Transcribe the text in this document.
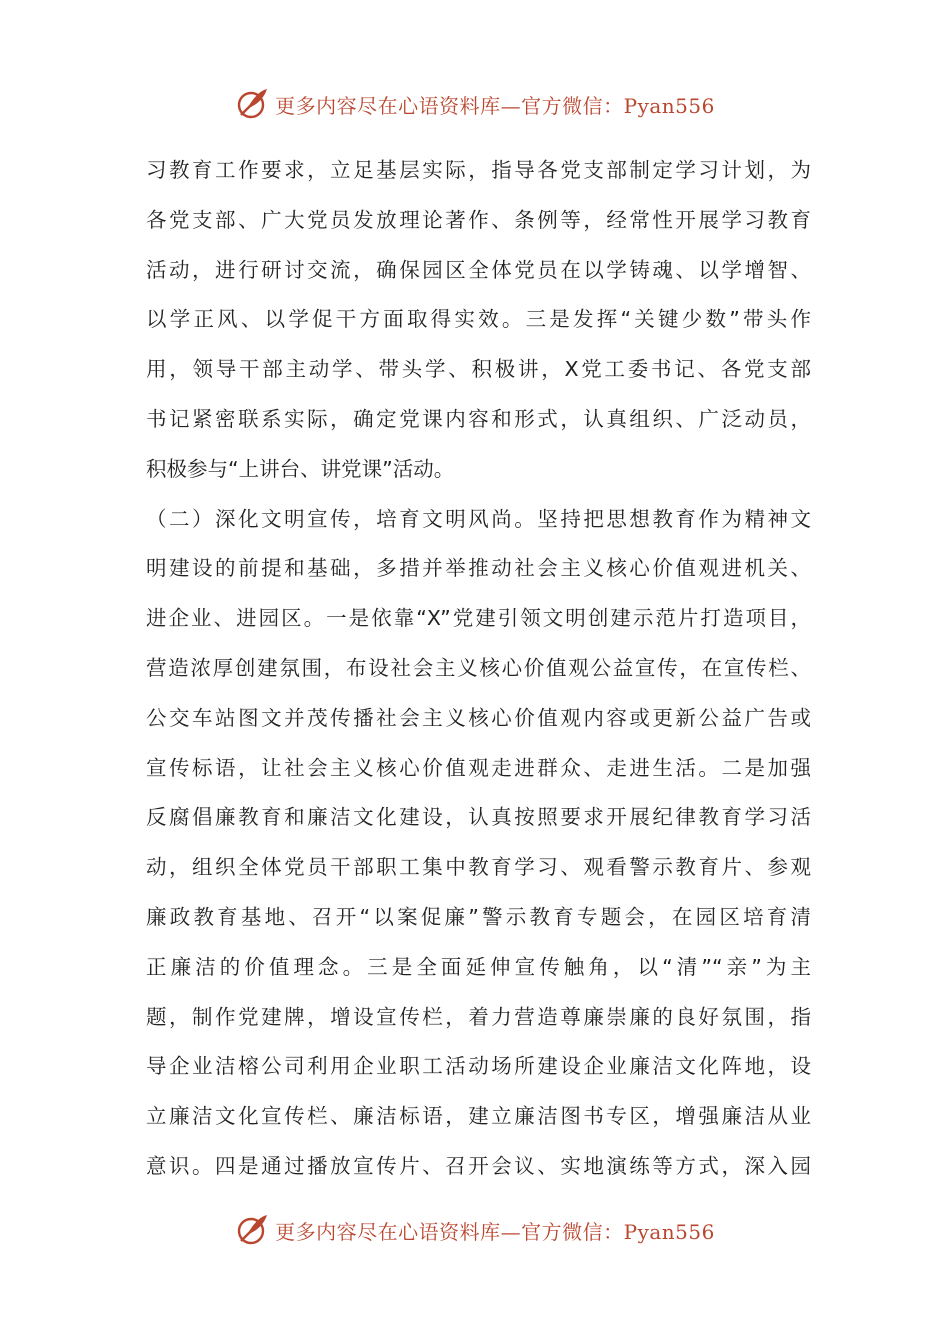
更多内容尽在心语资料库—官方微信：Pyan556
习教育工作要求，立足基层实际，指导各党支部制定学习计划，为
各党支部、广大党员发放理论著作、条例等，经常性开展学习教育
活动，进行研讨交流，确保园区全体党员在以学铸魂、以学增智、
以学正风、以学促干方面取得实效。三是发挥“关键少数”带头作
用，领导干部主动学、带头学、积极讲，X党工委书记、各党支部
书记紧密联系实际，确定党课内容和形式，认真组织、广泛动员，
积极参与“上讲台、讲党课”活动。
（二）深化文明宣传，培育文明风尚。坚持把思想教育作为精神文
明建设的前提和基础，多措并举推动社会主义核心价值观进机关、
进企业、进园区。一是依靠“X”党建引领文明创建示范片打造项目，
营造浓厚创建氛围，布设社会主义核心价值观公益宣传，在宣传栏、
公交车站图文并茂传播社会主义核心价值观内容或更新公益广告或
宣传标语，让社会主义核心价值观走进群众、走进生活。二是加强
反腐倡廉教育和廉洁文化建设，认真按照要求开展纪律教育学习活
动，组织全体党员干部职工集中教育学习、观看警示教育片、参观
廉政教育基地、召开“以案促廉”警示教育专题会，在园区培育清
正廉洁的价值理念。三是全面延伸宣传触角，以“清”“亲”为主
题，制作党建牌，增设宣传栏，着力营造尊廉崇廉的良好氛围，指
导企业洁榕公司利用企业职工活动场所建设企业廉洁文化阵地，设
立廉洁文化宣传栏、廉洁标语，建立廉洁图书专区，增强廉洁从业
意识。四是通过播放宣传片、召开会议、实地演练等方式，深入园
更多内容尽在心语资料库—官方微信：Pyan556
